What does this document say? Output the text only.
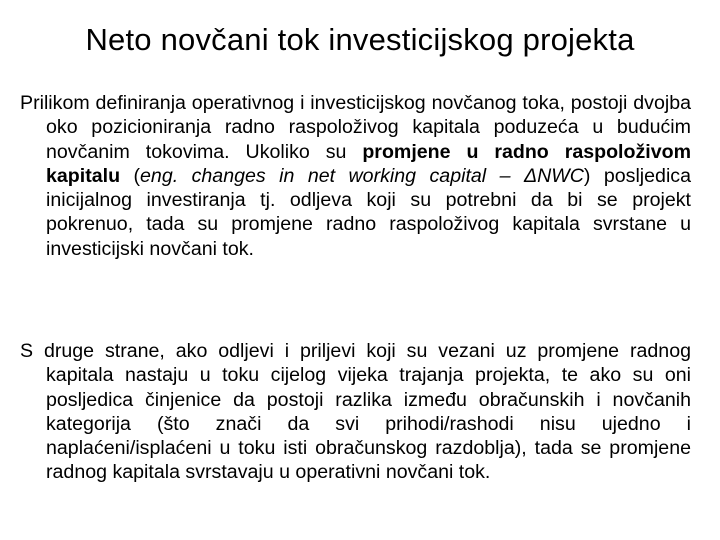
Neto novčani tok investicijskog projekta

Prilikom definiranja operativnog i investicijskog novčanog toka, postoji dvojba oko pozicioniranja radno raspoloživog kapitala poduzeća u budućim novčanim tokovima. Ukoliko su promjene u radno raspoloživom kapitalu (eng. changes in net working capital – ΔNWC) posljedica inicijalnog investiranja tj. odljeva koji su potrebni da bi se projekt pokrenuo, tada su promjene radno raspoloživog kapitala svrstane u investicijski novčani tok.

S druge strane, ako odljevi i priljevi koji su vezani uz promjene radnog kapitala nastaju u toku cijelog vijeka trajanja projekta, te ako su oni posljedica činjenice da postoji razlika između obračunskih i novčanih kategorija (što znači da svi prihodi/rashodi nisu ujedno i naplaćeni/isplaćeni u toku isti obračunskog razdoblja), tada se promjene radnog kapitala svrstavaju u operativni novčani tok.
